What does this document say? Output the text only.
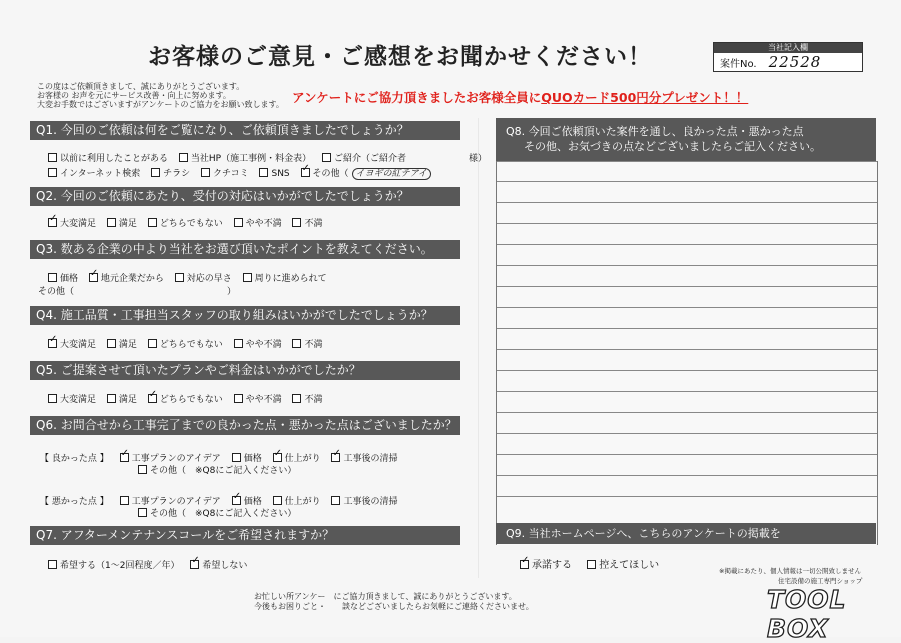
お客様のご意見・ご感想をお聞かせください！	当社記入欄
案件No. 22528
この度はご依頼頂きまして、誠にありがとうございます。
お客様の お声を元にサービス改善・向上に努めます。
大変お手数ではございますがアンケートのご協力をお願い致します。 アンケートにご協力頂きましたお客様全員にQUOカード500円分プレゼント！！
Q1. 今回のご依頼は何をご覧になり、ご依頼頂きましたでしょうか？
以前に利用したことがある	当社HP（施工事例・料金表）	ご紹介（ご紹介者　　　　　　　様）
インターネット検索	チラシ	クチコミ	SNS ✓	その他（ イヨギの紅テアイ
Q2. 今回のご依頼にあたり、受付の対応はいかがでしたでしょうか？
✓大変満足	満足	どちらでもない	やや不満	不満
Q3. 数ある企業の中より当社をお選び頂いたポイントを教えてください。
価格 ✓	地元企業だから	対応の早さ	周りに進められて
その他（　　　　　　　　　　　　　　　　　）
Q4. 施工品質・工事担当スタッフの取り組みはいかがでしたでしょうか？
✓大変満足	満足	どちらでもない	やや不満	不満
Q5. ご提案させて頂いたプランやご料金はいかがでしたか？
大変満足	満足 ✓	どちらでもない	やや不満	不満
Q6. お問合せから工事完了までの良かった点・悪かった点はございましたか？
【 良かった点 】 ✓	工事プランのアイデア	価格 ✓	仕上がり ✓	工事後の清掃
その他（　※Q8にご記入ください）
【 悪かった点 】	工事プランのアイデア ✓	価格	仕上がり	工事後の清掃
その他（　※Q8にご記入ください）
Q7. アフターメンテナンスコールをご希望されますか？
希望する（1〜2回程度／年） ✓	希望しない
Q8. 今回ご依頼頂いた案件を通し、良かった点・悪かった点
その他、お気づきの点などございましたらご記入ください。
Q9. 当社ホームページへ、こちらのアンケートの掲載を
✓承諾する	控えてほしい	※掲載にあたり、個人情報は一切公開致しません
お忙しい所アンケー　にご協力頂きまして、誠にありがとうございます。
今後もお困りごと・　　談などございましたらお気軽にご連絡くださいませ。
住宅設備の施工専門ショップ
TOOL BOX
